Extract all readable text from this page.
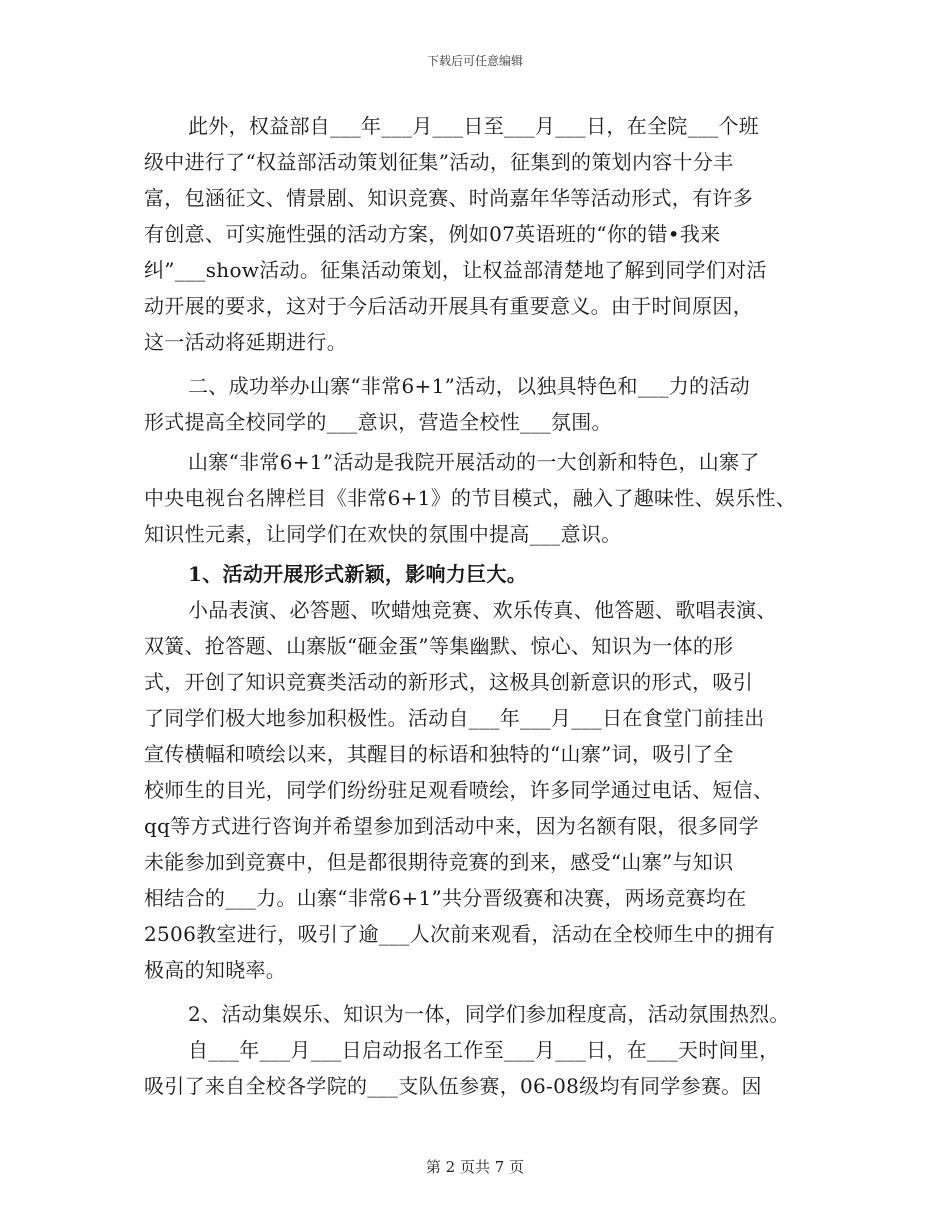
下载后可任意编辑
此外，权益部自___年___月___日至___月___日，在全院___个班
级中进行了“权益部活动策划征集”活动，征集到的策划内容十分丰
富，包涵征文、情景剧、知识竞赛、时尚嘉年华等活动形式，有许多
有创意、可实施性强的活动方案，例如07英语班的“你的错•我来
纠”___show活动。征集活动策划，让权益部清楚地了解到同学们对活
动开展的要求，这对于今后活动开展具有重要意义。由于时间原因，
这一活动将延期进行。
二、成功举办山寨“非常6+1”活动，以独具特色和___力的活动
形式提高全校同学的___意识，营造全校性___氛围。
山寨“非常6+1”活动是我院开展活动的一大创新和特色，山寨了
中央电视台名牌栏目《非常6+1》的节目模式，融入了趣味性、娱乐性、
知识性元素，让同学们在欢快的氛围中提高___意识。
1、活动开展形式新颖，影响力巨大。
小品表演、必答题、吹蜡烛竞赛、欢乐传真、他答题、歌唱表演、
双簧、抢答题、山寨版“砸金蛋”等集幽默、惊心、知识为一体的形
式，开创了知识竞赛类活动的新形式，这极具创新意识的形式，吸引
了同学们极大地参加积极性。活动自___年___月___日在食堂门前挂出
宣传横幅和喷绘以来，其醒目的标语和独特的“山寨”词，吸引了全
校师生的目光，同学们纷纷驻足观看喷绘，许多同学通过电话、短信、
qq等方式进行咨询并希望参加到活动中来，因为名额有限，很多同学
未能参加到竞赛中，但是都很期待竞赛的到来，感受“山寨”与知识
相结合的___力。山寨“非常6+1”共分晋级赛和决赛，两场竞赛均在
2506教室进行，吸引了逾___人次前来观看，活动在全校师生中的拥有
极高的知晓率。
2、活动集娱乐、知识为一体，同学们参加程度高，活动氛围热烈。
自___年___月___日启动报名工作至___月___日，在___天时间里，
吸引了来自全校各学院的___支队伍参赛，06-08级均有同学参赛。因
第 2 页共 7 页
